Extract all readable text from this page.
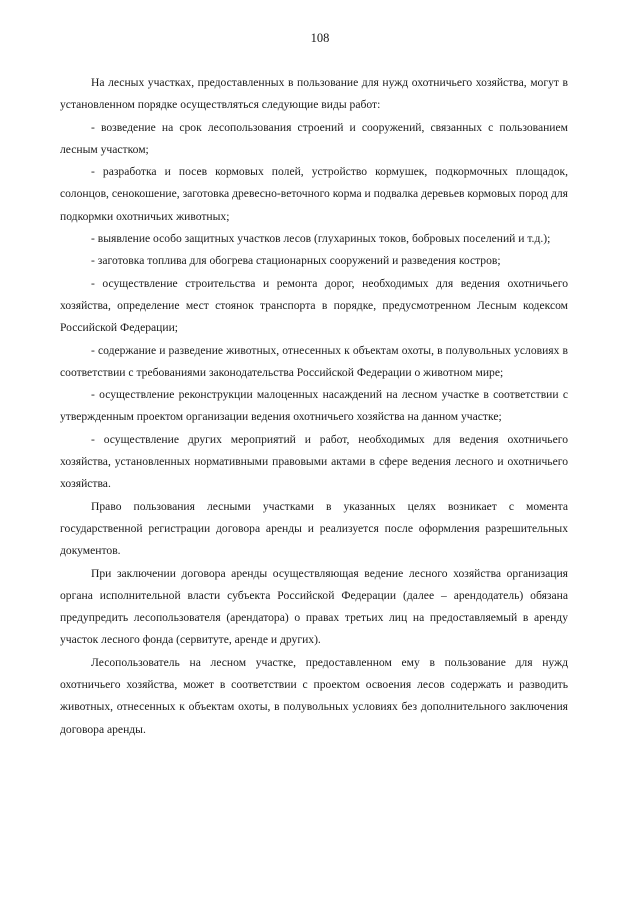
108

На лесных участках, предоставленных в пользование для нужд охотничьего хозяйства, могут в установленном порядке осуществляться следующие виды работ:

- возведение на срок лесопользования строений и сооружений, связанных с пользованием лесным участком;

- разработка и посев кормовых полей, устройство кормушек, подкормочных площадок, солонцов, сенокошение, заготовка древесно-веточного корма и подвалка деревьев кормовых пород для подкормки охотничьих животных;

- выявление особо защитных участков лесов (глухариных токов, бобровых поселений и т.д.);

- заготовка топлива для обогрева стационарных сооружений и разведения костров;

- осуществление строительства и ремонта дорог, необходимых для ведения охотничьего хозяйства, определение мест стоянок транспорта в порядке, предусмотренном Лесным кодексом Российской Федерации;

- содержание и разведение животных, отнесенных к объектам охоты, в полувольных условиях в соответствии с требованиями законодательства Российской Федерации о животном мире;

- осуществление реконструкции малоценных насаждений на лесном участке в соответствии с утвержденным проектом организации ведения охотничьего хозяйства на данном участке;

- осуществление других мероприятий и работ, необходимых для ведения охотничьего хозяйства, установленных нормативными правовыми актами в сфере ведения лесного и охотничьего хозяйства.

Право пользования лесными участками в указанных целях возникает с момента государственной регистрации договора аренды и реализуется после оформления разрешительных документов.

При заключении договора аренды осуществляющая ведение лесного хозяйства организация органа исполнительной власти субъекта Российской Федерации (далее – арендодатель) обязана предупредить лесопользователя (арендатора) о правах третьих лиц на предоставляемый в аренду участок лесного фонда (сервитуте, аренде и других).

Лесопользователь на лесном участке, предоставленном ему в пользование для нужд охотничьего хозяйства, может в соответствии с проектом освоения лесов содержать и разводить животных, отнесенных к объектам охоты, в полувольных условиях без дополнительного заключения договора аренды.
